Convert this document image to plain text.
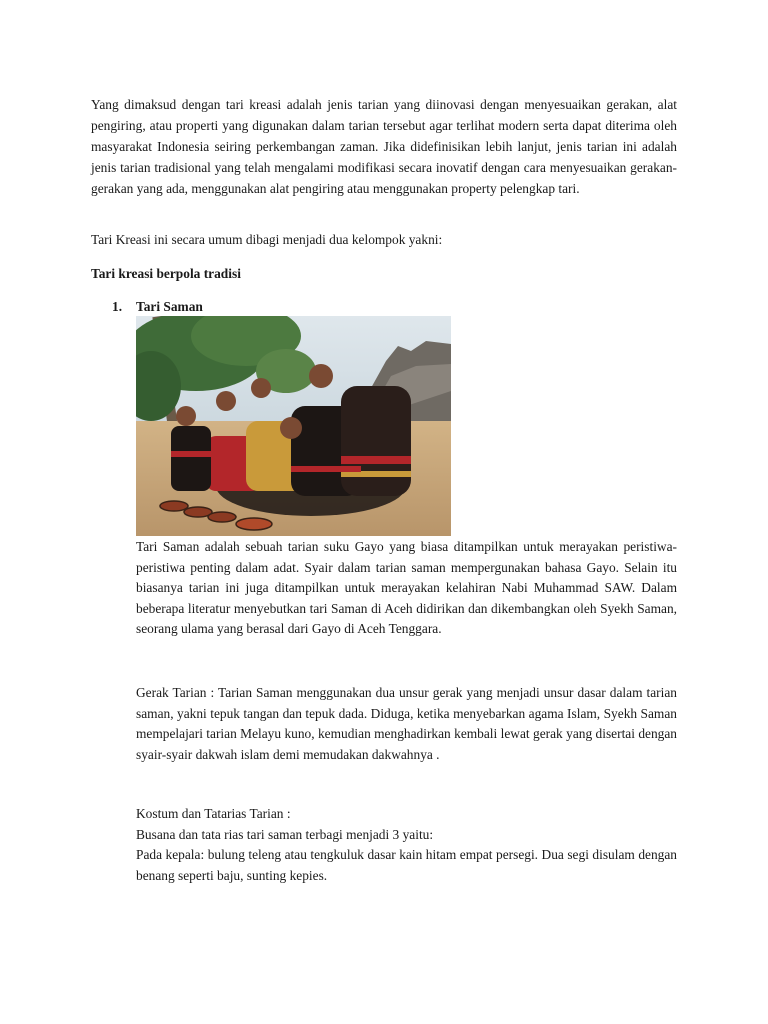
Yang dimaksud dengan tari kreasi adalah jenis tarian yang diinovasi dengan menyesuaikan gerakan, alat pengiring, atau properti yang digunakan dalam tarian tersebut agar terlihat modern serta dapat diterima oleh masyarakat Indonesia seiring perkembangan zaman. Jika didefinisikan lebih lanjut, jenis tarian ini adalah jenis tarian tradisional yang telah mengalami modifikasi secara inovatif dengan cara menyesuaikan gerakan-gerakan yang ada, menggunakan alat pengiring atau menggunakan property pelengkap tari.

Tari Kreasi ini secara umum dibagi menjadi dua kelompok yakni:

Tari kreasi berpola tradisi

1. Tari Saman

Tari Saman adalah sebuah tarian suku Gayo yang biasa ditampilkan untuk merayakan peristiwa-peristiwa penting dalam adat. Syair dalam tarian saman mempergunakan bahasa Gayo. Selain itu biasanya tarian ini juga ditampilkan untuk merayakan kelahiran Nabi Muhammad SAW. Dalam beberapa literatur menyebutkan tari Saman di Aceh didirikan dan dikembangkan oleh Syekh Saman, seorang ulama yang berasal dari Gayo di Aceh Tenggara.

Gerak Tarian : Tarian Saman menggunakan dua unsur gerak yang menjadi unsur dasar dalam tarian saman, yakni tepuk tangan dan tepuk dada. Diduga, ketika menyebarkan agama Islam, Syekh Saman mempelajari tarian Melayu kuno, kemudian menghadirkan kembali lewat gerak yang disertai dengan syair-syair dakwah islam demi memudakan dakwahnya .

Kostum dan Tatarias Tarian :

Busana dan tata rias tari saman terbagi menjadi 3 yaitu:

Pada kepala: bulung teleng atau tengkuluk dasar kain hitam empat persegi. Dua segi disulam dengan benang seperti baju, sunting kepies.
